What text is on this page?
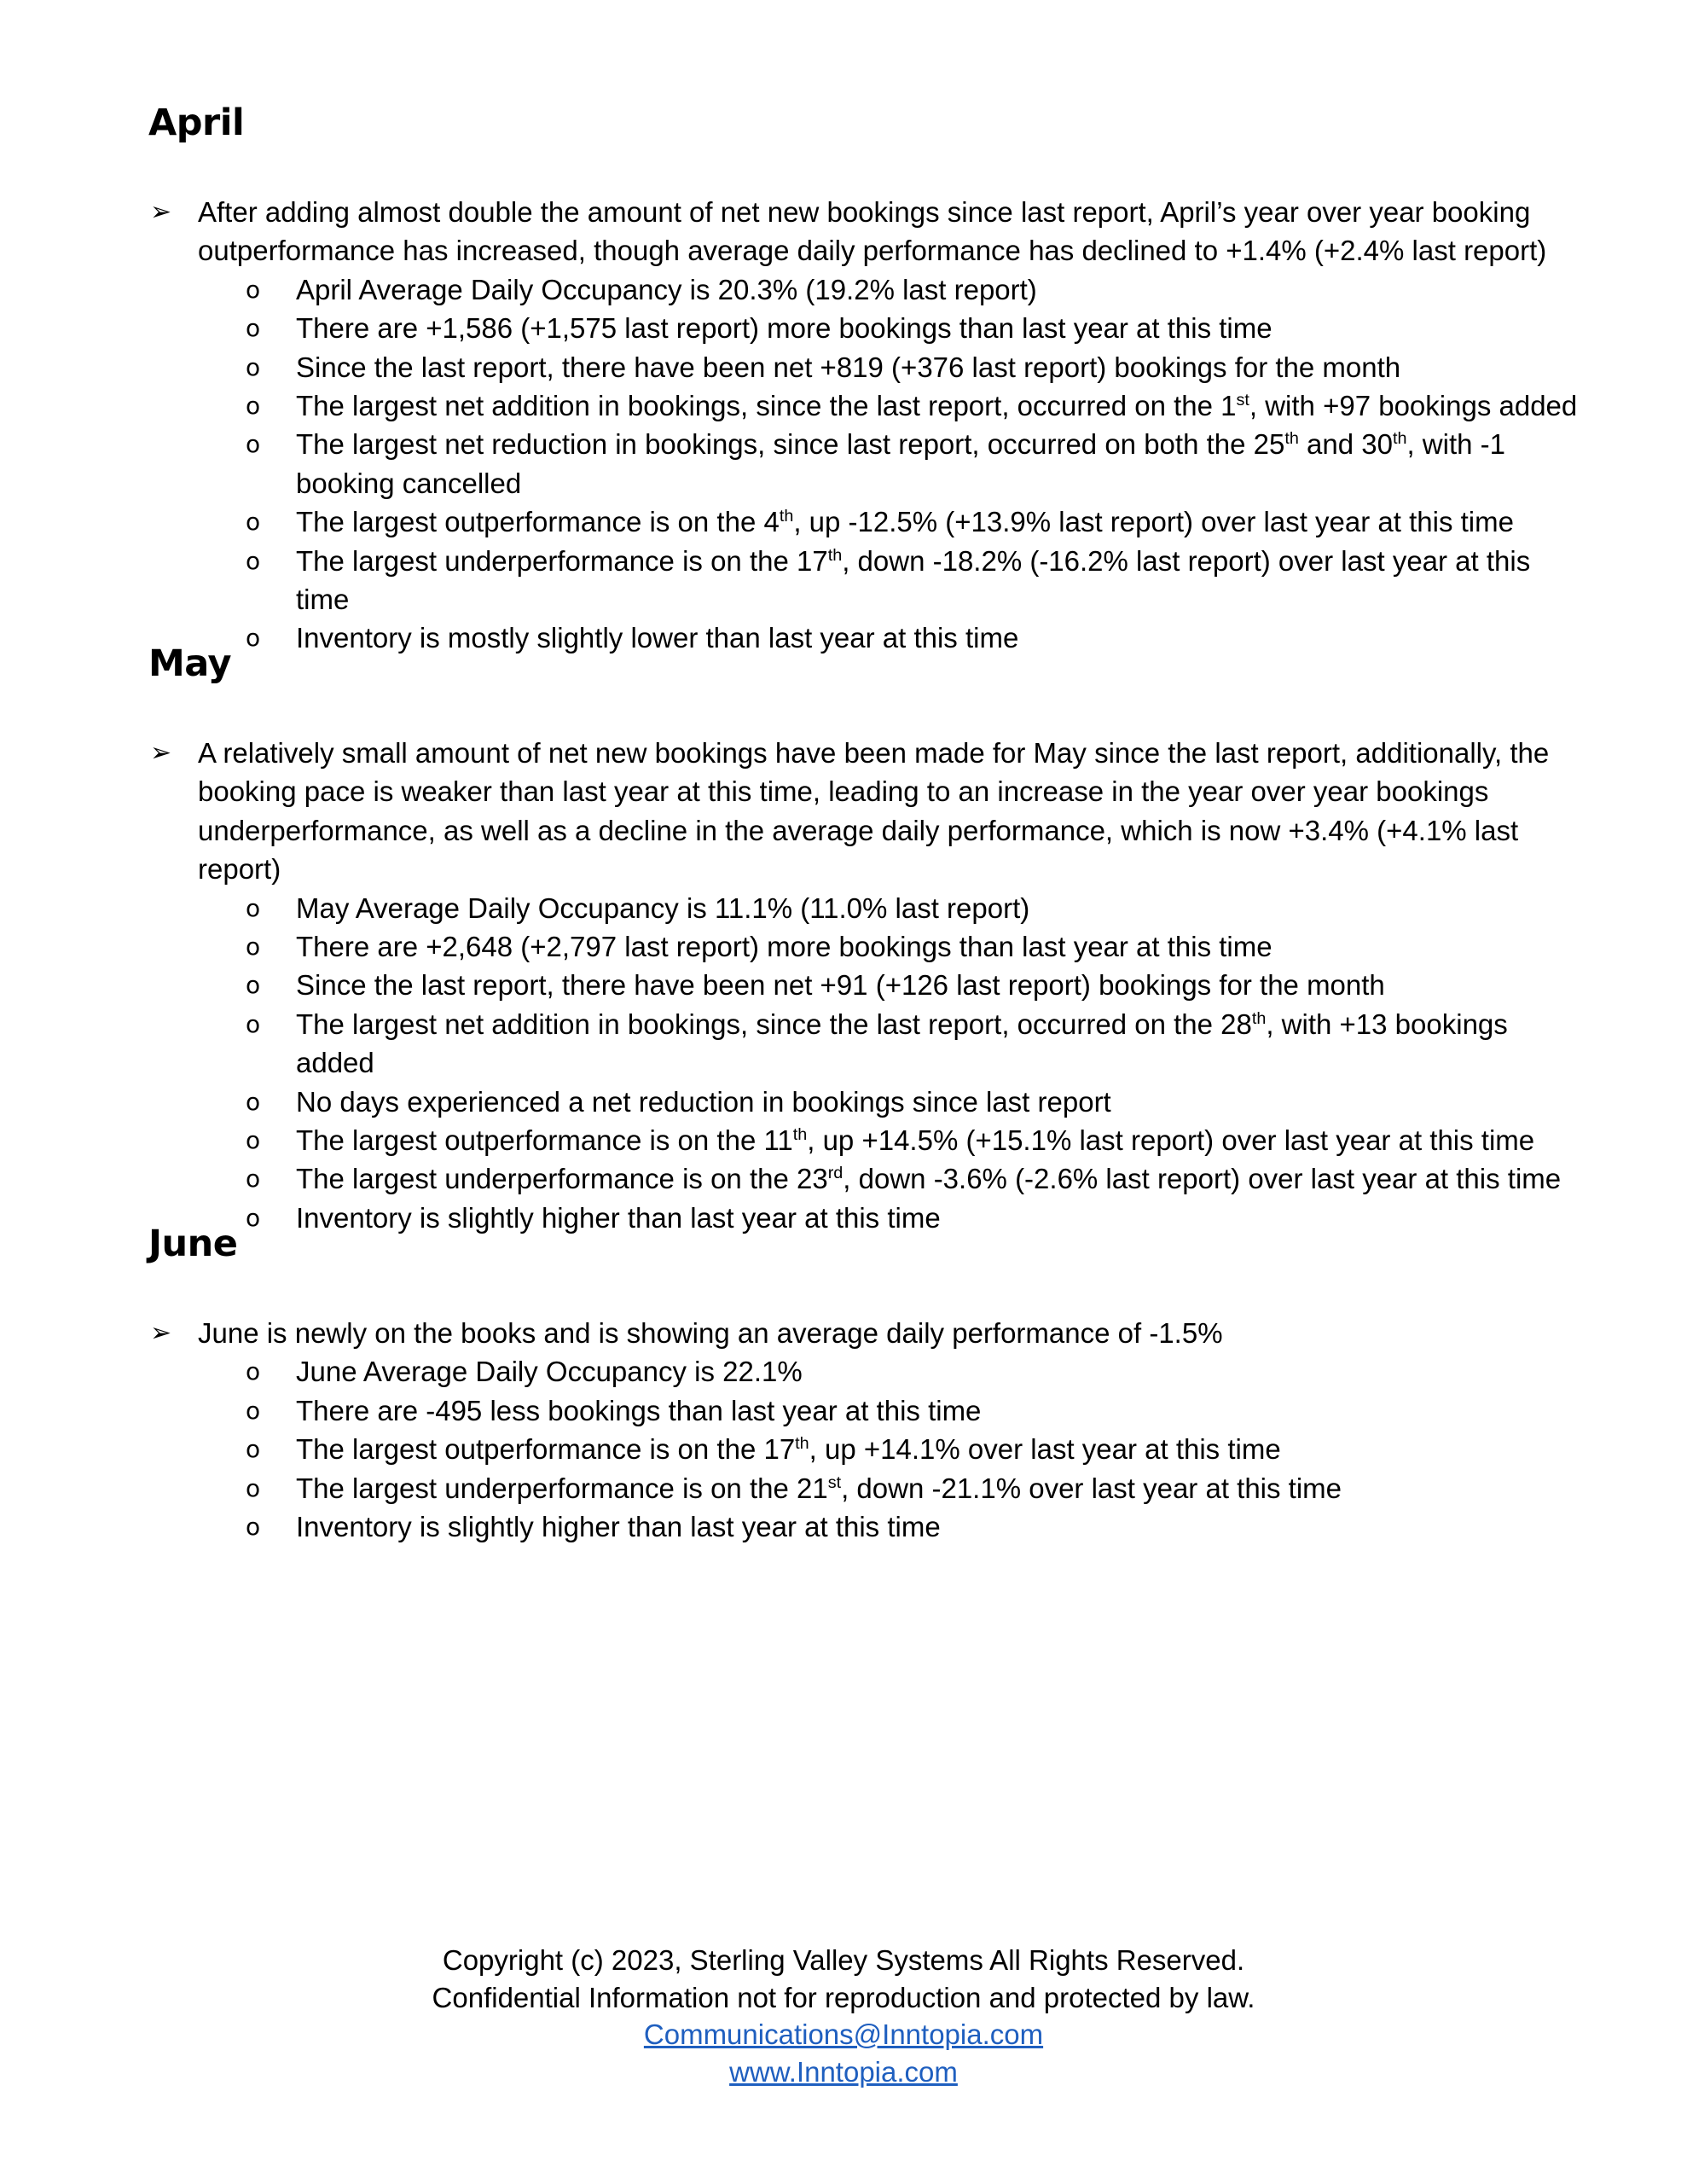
April
➢ After adding almost double the amount of net new bookings since last report, April’s year over year booking outperformance has increased, though average daily performance has declined to +1.4% (+2.4% last report)
o April Average Daily Occupancy is 20.3% (19.2% last report)
o There are +1,586 (+1,575 last report) more bookings than last year at this time
o Since the last report, there have been net +819 (+376 last report) bookings for the month
o The largest net addition in bookings, since the last report, occurred on the 1st, with +97 bookings added
o The largest net reduction in bookings, since last report, occurred on both the 25th and 30th, with -1 booking cancelled
o The largest outperformance is on the 4th, up -12.5% (+13.9% last report) over last year at this time
o The largest underperformance is on the 17th, down -18.2% (-16.2% last report) over last year at this time
o Inventory is mostly slightly lower than last year at this time
May
➢ A relatively small amount of net new bookings have been made for May since the last report, additionally, the booking pace is weaker than last year at this time, leading to an increase in the year over year bookings underperformance, as well as a decline in the average daily performance, which is now +3.4% (+4.1% last report)
o May Average Daily Occupancy is 11.1% (11.0% last report)
o There are +2,648 (+2,797 last report) more bookings than last year at this time
o Since the last report, there have been net +91 (+126 last report) bookings for the month
o The largest net addition in bookings, since the last report, occurred on the 28th, with +13 bookings added
o No days experienced a net reduction in bookings since last report
o The largest outperformance is on the 11th, up +14.5% (+15.1% last report) over last year at this time
o The largest underperformance is on the 23rd, down -3.6% (-2.6% last report) over last year at this time
o Inventory is slightly higher than last year at this time
June
➢ June is newly on the books and is showing an average daily performance of -1.5%
o June Average Daily Occupancy is 22.1%
o There are -495 less bookings than last year at this time
o The largest outperformance is on the 17th, up +14.1% over last year at this time
o The largest underperformance is on the 21st, down -21.1% over last year at this time
o Inventory is slightly higher than last year at this time
Copyright (c) 2023, Sterling Valley Systems All Rights Reserved.
Confidential Information not for reproduction and protected by law.
Communications@Inntopia.com
www.Inntopia.com
